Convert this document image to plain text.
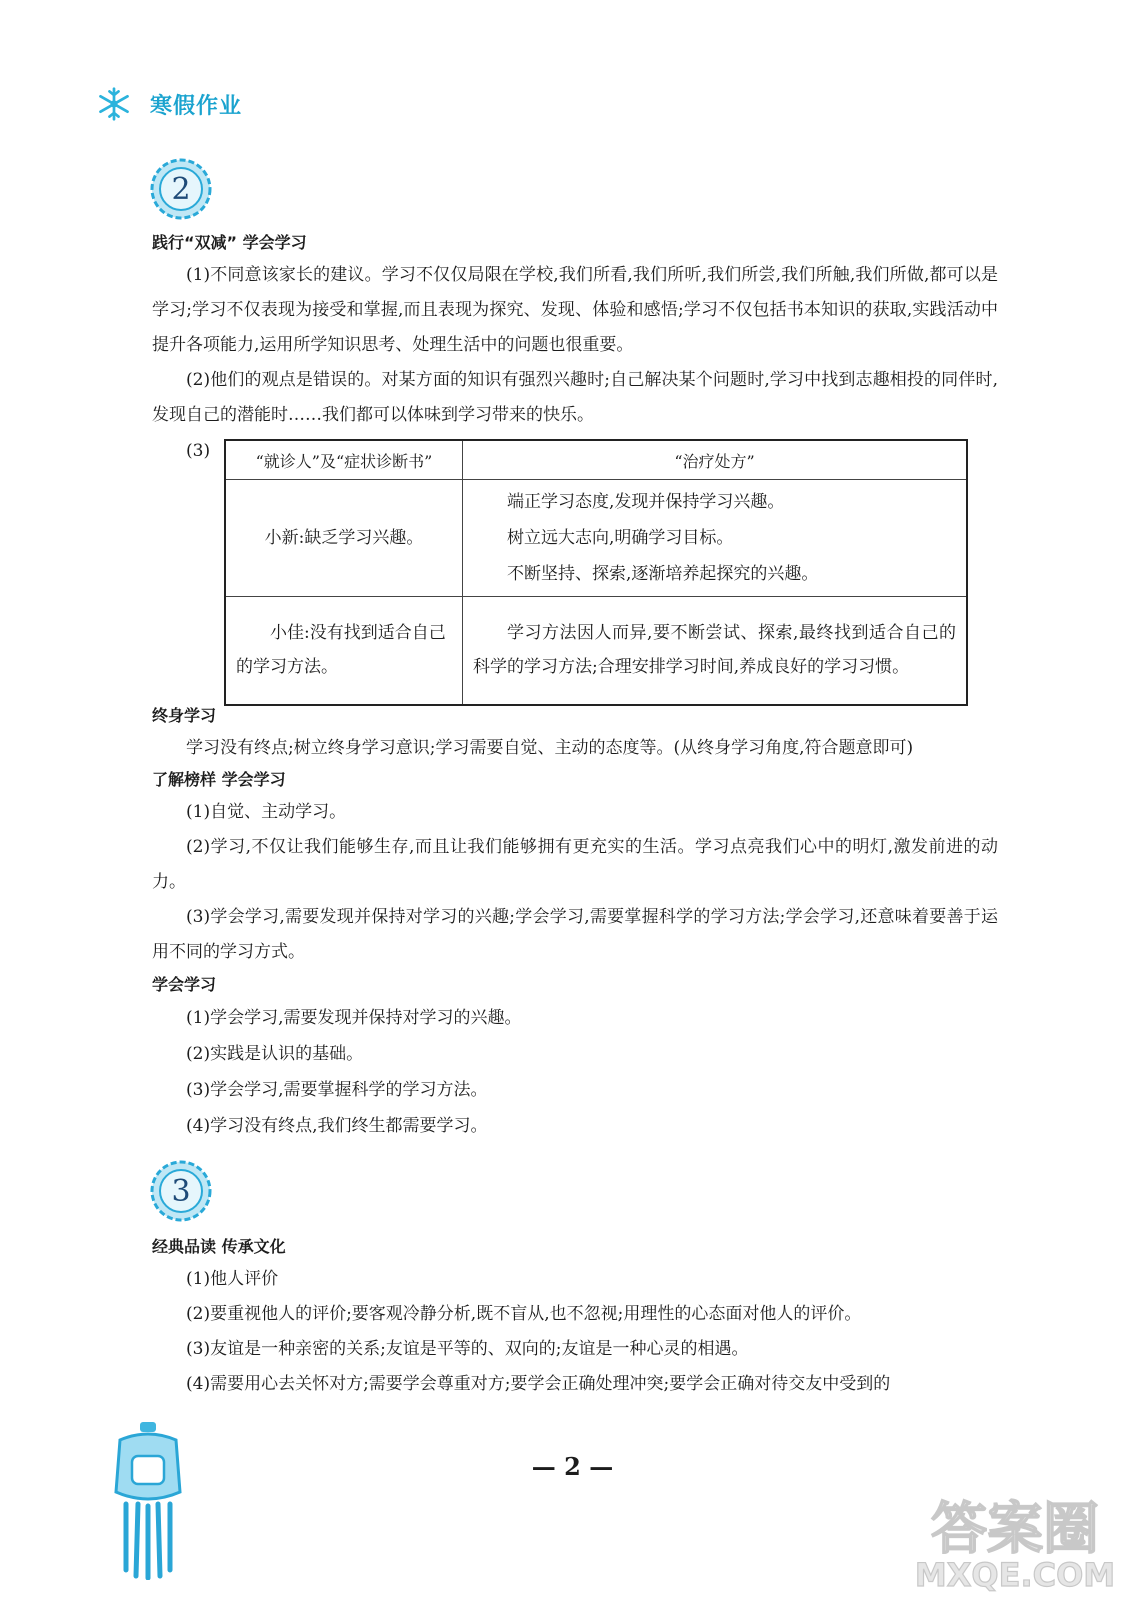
寒假作业
2
践行“双减” 学会学习
(1)不同意该家长的建议。学习不仅仅局限在学校,我们所看,我们所听,我们所尝,我们所触,我们所做,都可以是学习;学习不仅表现为接受和掌握,而且表现为探究、发现、体验和感悟;学习不仅包括书本知识的获取,实践活动中提升各项能力,运用所学知识思考、处理生活中的问题也很重要。
(2)他们的观点是错误的。对某方面的知识有强烈兴趣时;自己解决某个问题时,学习中找到志趣相投的同伴时,发现自己的潜能时……我们都可以体味到学习带来的快乐。
(3)	“就诊人”及“症状诊断书”	“治疗处方”
小新:缺乏学习兴趣。	端正学习态度,发现并保持学习兴趣。
树立远大志向,明确学习目标。
不断坚持、探索,逐渐培养起探究的兴趣。

小佳:没有找到适合自己的学习方法。	学习方法因人而异,要不断尝试、探索,最终找到适合自己的科学的学习方法;合理安排学习时间,养成良好的学习习惯。
终身学习
学习没有终点;树立终身学习意识;学习需要自觉、主动的态度等。(从终身学习角度,符合题意即可)
了解榜样 学会学习
(1)自觉、主动学习。
(2)学习,不仅让我们能够生存,而且让我们能够拥有更充实的生活。学习点亮我们心中的明灯,激发前进的动力。
(3)学会学习,需要发现并保持对学习的兴趣;学会学习,需要掌握科学的学习方法;学会学习,还意味着要善于运用不同的学习方式。
学会学习
(1)学会学习,需要发现并保持对学习的兴趣。
(2)实践是认识的基础。
(3)学会学习,需要掌握科学的学习方法。
(4)学习没有终点,我们终生都需要学习。
3
经典品读 传承文化
(1)他人评价
(2)要重视他人的评价;要客观冷静分析,既不盲从,也不忽视;用理性的心态面对他人的评价。
(3)友谊是一种亲密的关系;友谊是平等的、双向的;友谊是一种心灵的相遇。
(4)需要用心去关怀对方;需要学会尊重对方;要学会正确处理冲突;要学会正确对待交友中受到的
— 2 —
答案圈
MXQE.COM
